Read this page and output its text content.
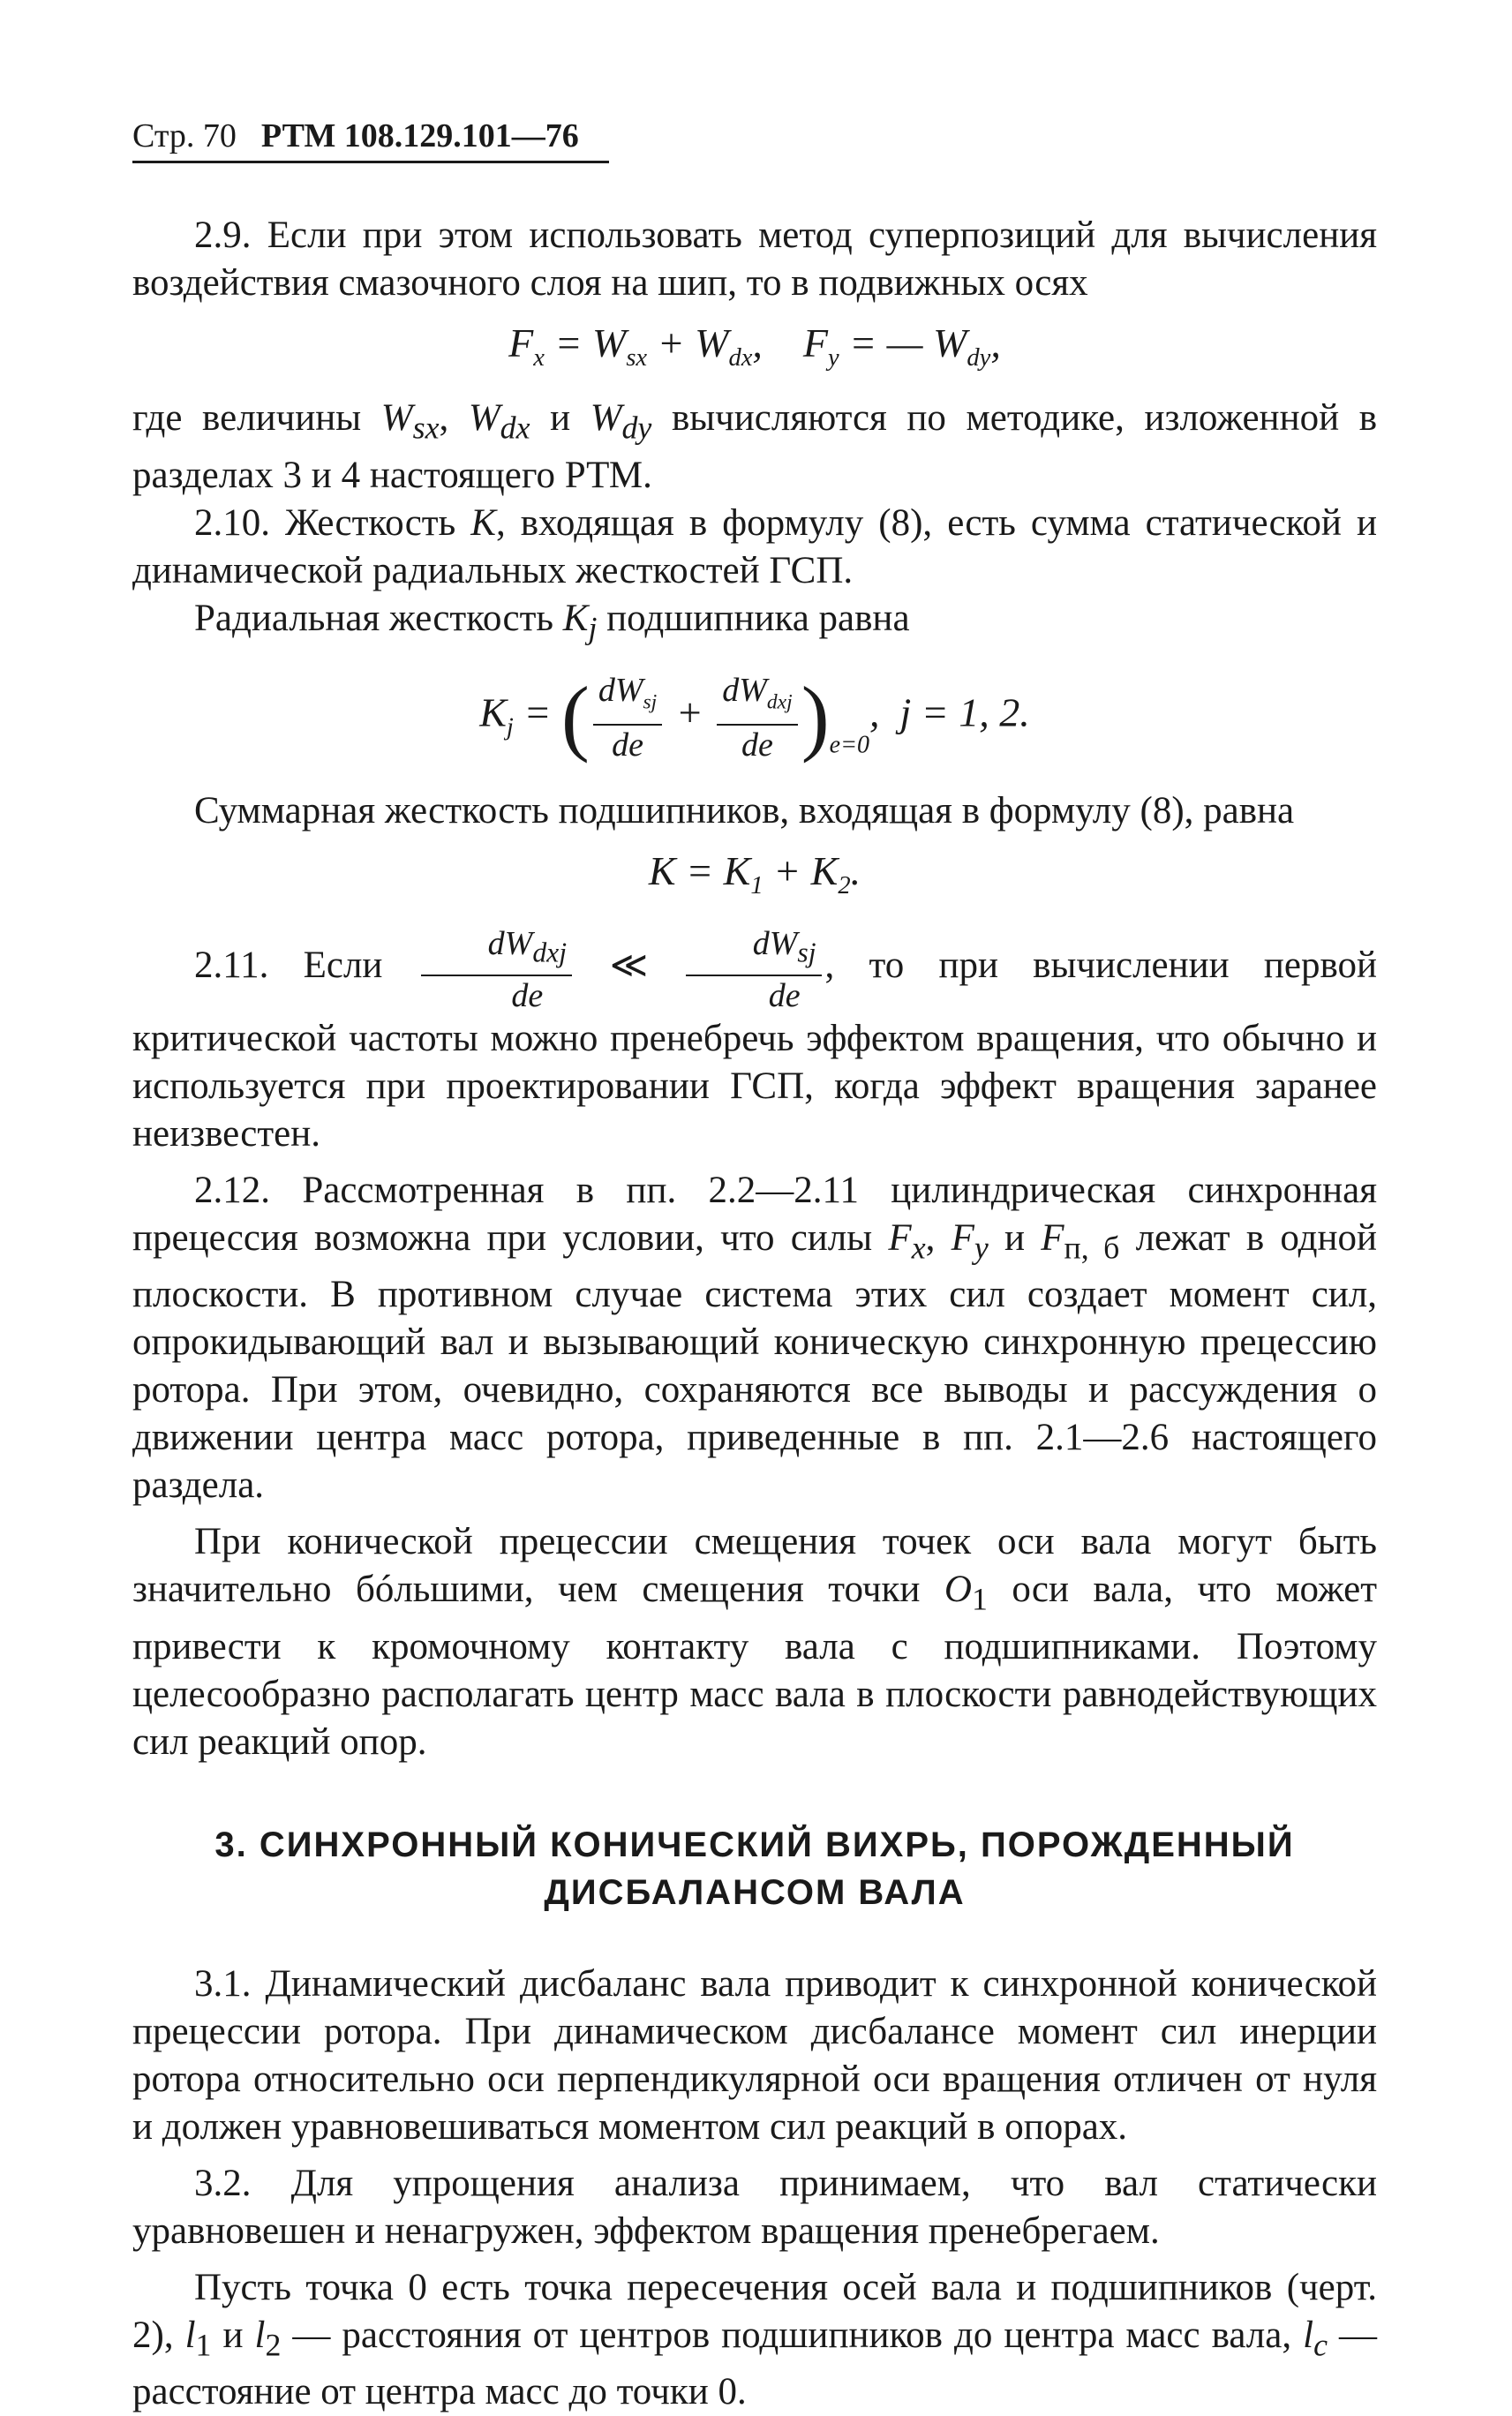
Стр. 70 РТМ 108.129.101—76

2.9. Если при этом использовать метод суперпозиций для вычисления воздействия смазочного слоя на шип, то в подвижных осях

$F_x = W_{sx} + W_{dx}$,    $F_y$ = — $W_{dy}$,

где величины $W_{sx}$, $W_{dx}$ и $W_{dy}$ вычисляются по методике, изложенной в разделах 3 и 4 настоящего РТМ.

2.10. Жесткость K, входящая в формулу (8), есть сумма статической и динамической радиальных жесткостей ГСП.

Радиальная жесткость $K_j$ подшипника равна

$K_j$ = ( $\frac{dW_{sj}}{de} + \frac{dW_{dxj}}{de} )_{e=0}$,  j = 1, 2.

Суммарная жесткость подшипников, входящая в формулу (8), равна

$K = K_1 + K_2$.

2.11. Если $\frac{dW_{dxj}}{de}$ ≪ $\frac{dW_{sj}}{de}$ , то при вычислении первой критической частоты можно пренебречь эффектом вращения, что обычно и используется при проектировании ГСП, когда эффект вращения заранее неизвестен.

2.12. Рассмотренная в пп. 2.2—2.11 цилиндрическая синхронная прецессия возможна при условии, что силы $F_x$, $F_y$ и $F_{п, б}$ лежат в одной плоскости. В противном случае система этих сил создает момент сил, опрокидывающий вал и вызывающий коническую синхронную прецессию ротора. При этом, очевидно, сохраняются все выводы и рассуждения о движении центра масс ротора, приведенные в пп. 2.1—2.6 настоящего раздела.

При конической прецессии смещения точек оси вала могут быть значительно бóльшими, чем смещения точки $O_1$ оси вала, что может привести к кромочному контакту вала с подшипниками. Поэтому целесообразно располагать центр масс вала в плоскости равнодействующих сил реакций опор.

3. СИНХРОННЫЙ КОНИЧЕСКИЙ ВИХРЬ, ПОРОЖДЕННЫЙ
ДИСБАЛАНСОМ ВАЛА

3.1. Динамический дисбаланс вала приводит к синхронной конической прецессии ротора. При динамическом дисбалансе момент сил инерции ротора относительно оси перпендикулярной оси вращения отличен от нуля и должен уравновешиваться моментом сил реакций в опорах.

3.2. Для упрощения анализа принимаем, что вал статически уравновешен и ненагружен, эффектом вращения пренебрегаем.

Пусть точка 0 есть точка пересечения осей вала и подшипников (черт. 2), $l_1$ и $l_2$ — расстояния от центров подшипников до центра масс вала, $l_c$ — расстояние от центра масс до точки 0.
